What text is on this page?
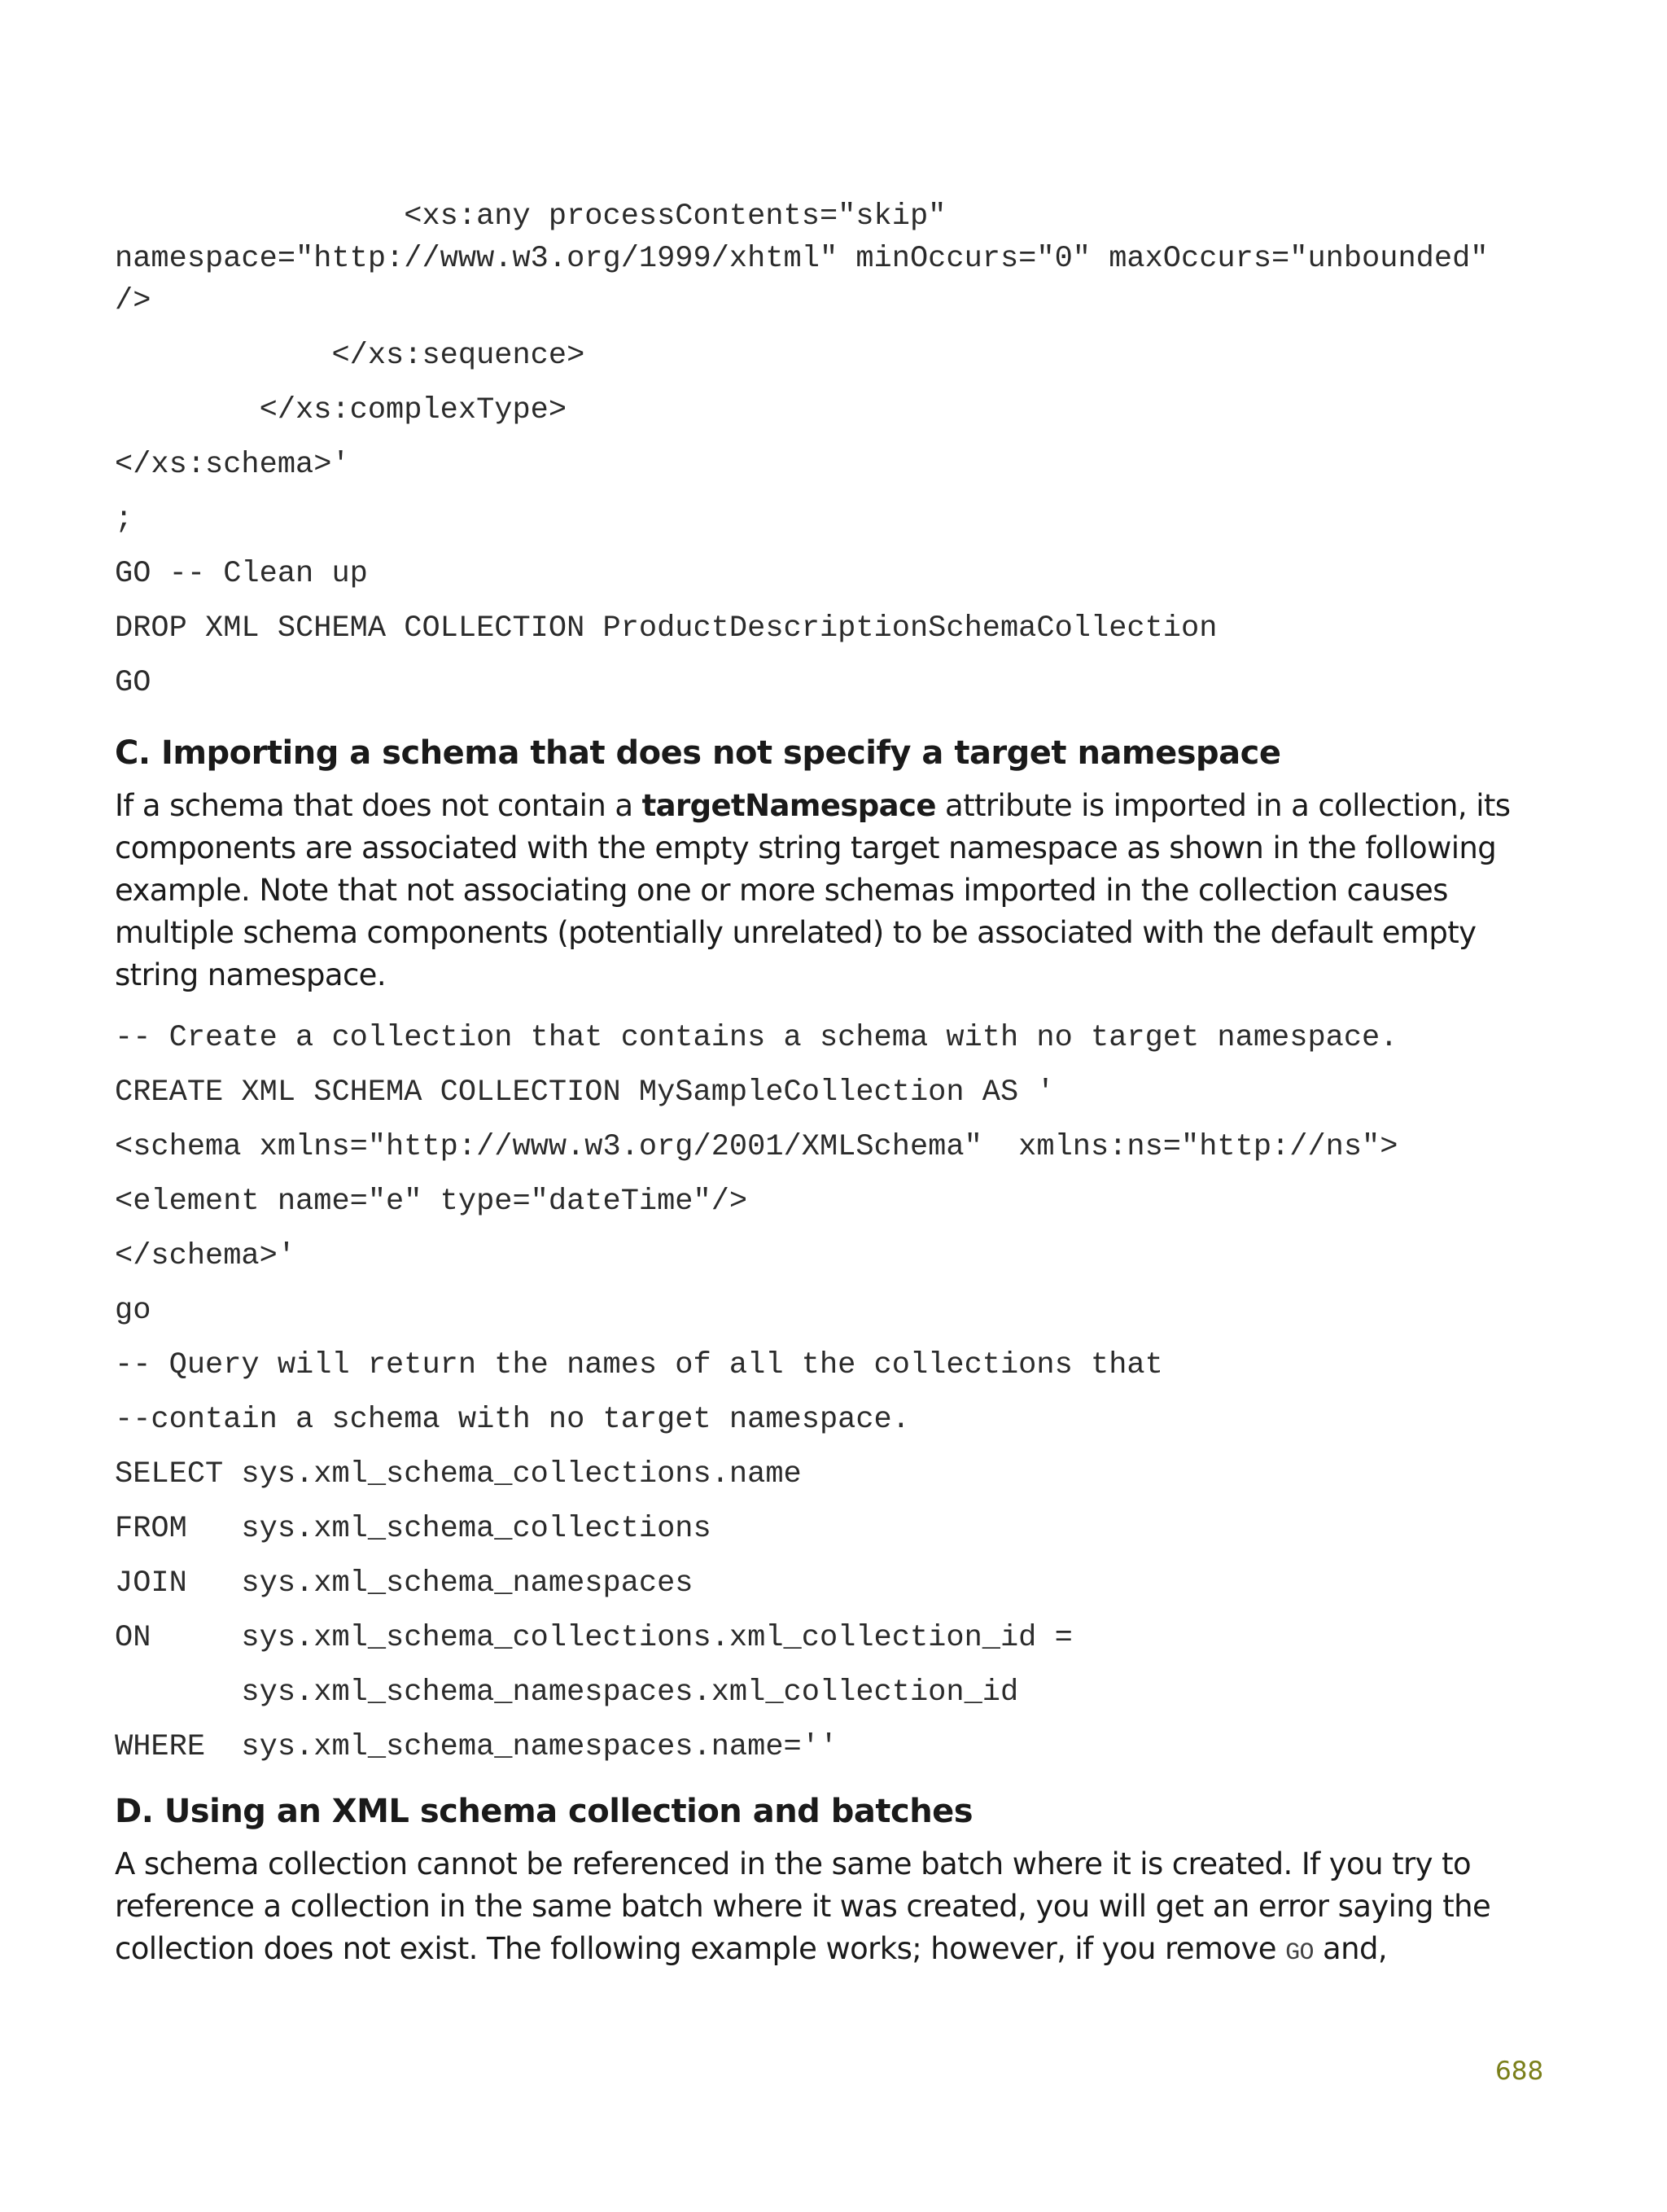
<xs:any processContents="skip"
namespace="http://www.w3.org/1999/xhtml" minOccurs="0" maxOccurs="unbounded"
/>
</xs:sequence>
</xs:complexType>
</xs:schema>'
;
GO -- Clean up
DROP XML SCHEMA COLLECTION ProductDescriptionSchemaCollection
GO
C. Importing a schema that does not specify a target namespace

If a schema that does not contain a targetNamespace attribute is imported in a collection, its
components are associated with the empty string target namespace as shown in the following
example. Note that not associating one or more schemas imported in the collection causes
multiple schema components (potentially unrelated) to be associated with the default empty
string namespace.

-- Create a collection that contains a schema with no target namespace.
CREATE XML SCHEMA COLLECTION MySampleCollection AS '
<schema xmlns="http://www.w3.org/2001/XMLSchema"  xmlns:ns="http://ns">
<element name="e" type="dateTime"/>
</schema>'
go
-- Query will return the names of all the collections that
--contain a schema with no target namespace.
SELECT sys.xml_schema_collections.name
FROM   sys.xml_schema_collections
JOIN   sys.xml_schema_namespaces
ON     sys.xml_schema_collections.xml_collection_id =
sys.xml_schema_namespaces.xml_collection_id
WHERE  sys.xml_schema_namespaces.name=''
D. Using an XML schema collection and batches

A schema collection cannot be referenced in the same batch where it is created. If you try to
reference a collection in the same batch where it was created, you will get an error saying the
collection does not exist. The following example works; however, if you remove GO and,

688
